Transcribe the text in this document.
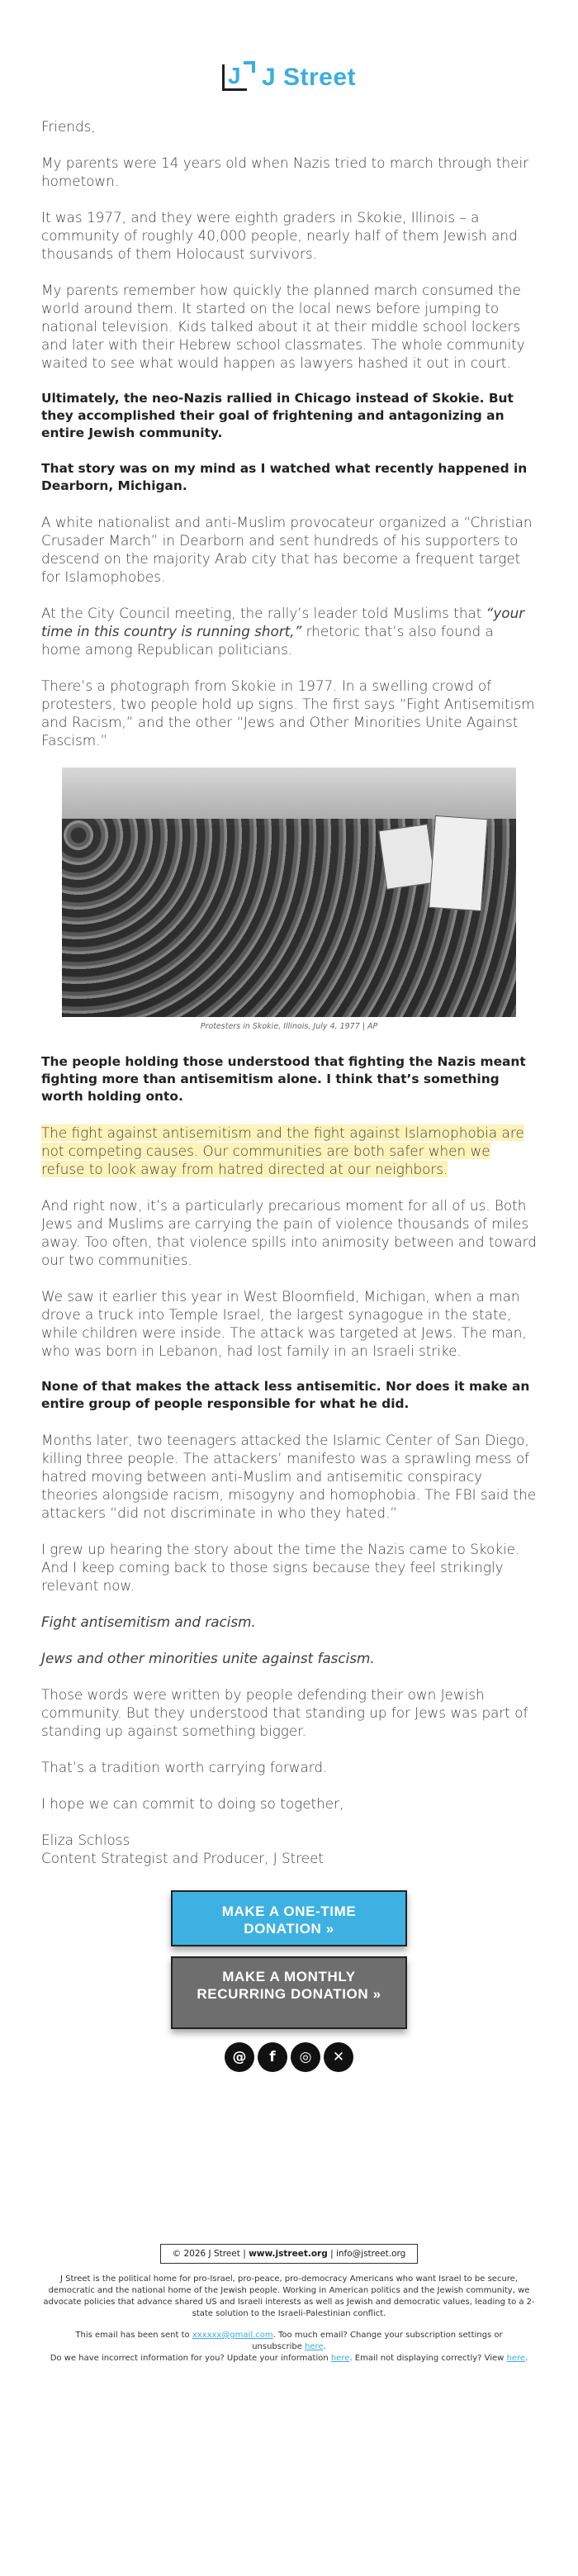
J J Street

Friends,

My parents were 14 years old when Nazis tried to march through their hometown.

It was 1977, and they were eighth graders in Skokie, Illinois – a community of roughly 40,000 people, nearly half of them Jewish and thousands of them Holocaust survivors.

My parents remember how quickly the planned march consumed the world around them. It started on the local news before jumping to national television. Kids talked about it at their middle school lockers and later with their Hebrew school classmates. The whole community waited to see what would happen as lawyers hashed it out in court.

Ultimately, the neo-Nazis rallied in Chicago instead of Skokie. But they accomplished their goal of frightening and antagonizing an entire Jewish community.

That story was on my mind as I watched what recently happened in Dearborn, Michigan.

A white nationalist and anti-Muslim provocateur organized a “Christian Crusader March” in Dearborn and sent hundreds of his supporters to descend on the majority Arab city that has become a frequent target for Islamophobes.

At the City Council meeting, the rally’s leader told Muslims that “your time in this country is running short,” rhetoric that’s also found a home among Republican politicians.

There’s a photograph from Skokie in 1977. In a swelling crowd of protesters, two people hold up signs. The first says “Fight Antisemitism and Racism,” and the other “Jews and Other Minorities Unite Against Fascism.”

Protesters in Skokie, Illinois, July 4, 1977 | AP

The people holding those understood that fighting the Nazis meant fighting more than antisemitism alone. I think that’s something worth holding onto.

The fight against antisemitism and the fight against Islamophobia are not competing causes. Our communities are both safer when we refuse to look away from hatred directed at our neighbors.

And right now, it’s a particularly precarious moment for all of us. Both Jews and Muslims are carrying the pain of violence thousands of miles away. Too often, that violence spills into animosity between and toward our two communities.

We saw it earlier this year in West Bloomfield, Michigan, when a man drove a truck into Temple Israel, the largest synagogue in the state, while children were inside. The attack was targeted at Jews. The man, who was born in Lebanon, had lost family in an Israeli strike.

None of that makes the attack less antisemitic. Nor does it make an entire group of people responsible for what he did.

Months later, two teenagers attacked the Islamic Center of San Diego, killing three people. The attackers’ manifesto was a sprawling mess of hatred moving between anti-Muslim and antisemitic conspiracy theories alongside racism, misogyny and homophobia. The FBI said the attackers “did not discriminate in who they hated.”

I grew up hearing the story about the time the Nazis came to Skokie. And I keep coming back to those signs because they feel strikingly relevant now.

Fight antisemitism and racism.

Jews and other minorities unite against fascism.

Those words were written by people defending their own Jewish community. But they understood that standing up for Jews was part of standing up against something bigger.

That’s a tradition worth carrying forward.

I hope we can commit to doing so together,

Eliza Schloss
Content Strategist and Producer, J Street

MAKE A ONE-TIME DONATION »
MAKE A MONTHLY RECURRING DONATION »
@	f	◎	✕
© 2026 J Street | www.jstreet.org | info@jstreet.org

J Street is the political home for pro-Israel, pro-peace, pro-democracy Americans who want Israel to be secure, democratic and the national home of the Jewish people. Working in American politics and the Jewish community, we advocate policies that advance shared US and Israeli interests as well as Jewish and democratic values, leading to a 2-state solution to the Israeli-Palestinian conflict.

This email has been sent to xxxxxx@gmail.com. Too much email? Change your subscription settings or unsubscribe here.
Do we have incorrect information for you? Update your information here. Email not displaying correctly? View here.
